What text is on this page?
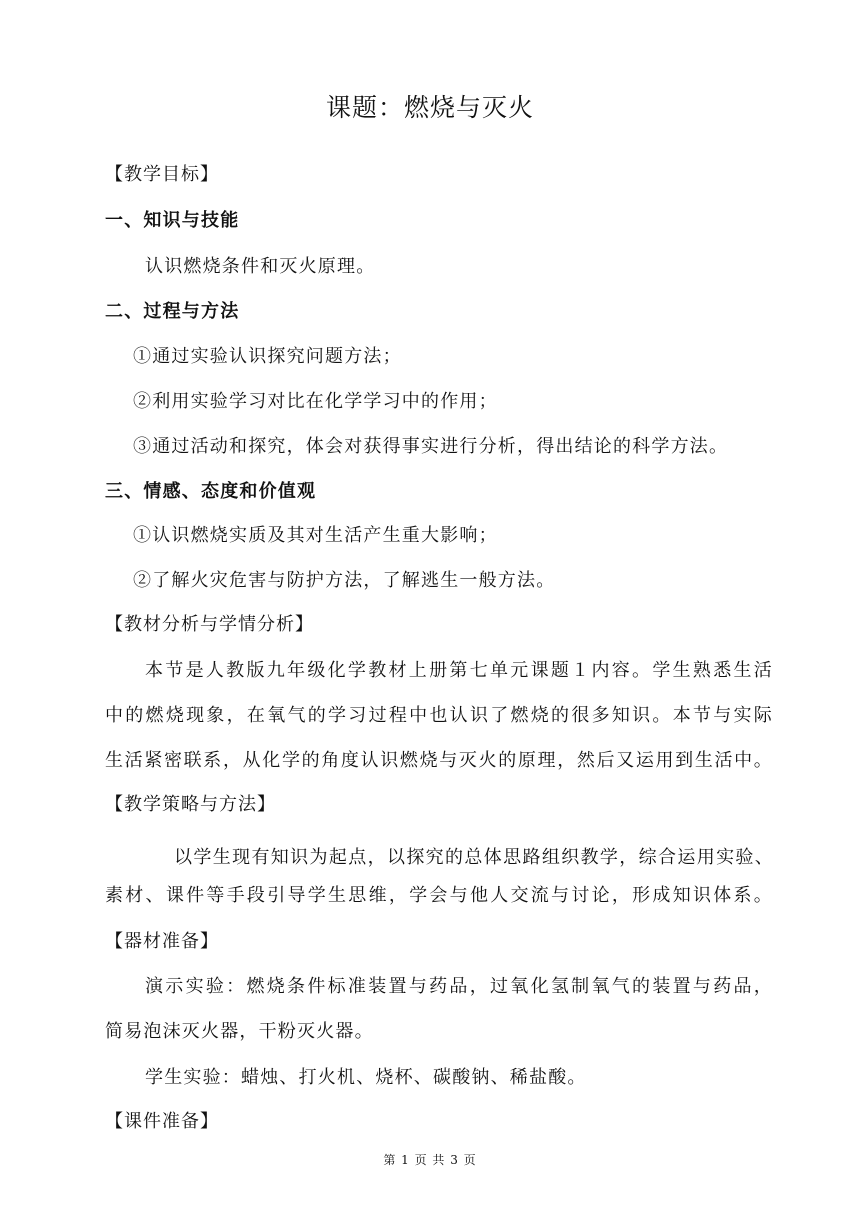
课题：燃烧与灭火
【教学目标】
一、知识与技能
认识燃烧条件和灭火原理。
二、过程与方法
①通过实验认识探究问题方法；
②利用实验学习对比在化学学习中的作用；
③通过活动和探究，体会对获得事实进行分析，得出结论的科学方法。
三、情感、态度和价值观
①认识燃烧实质及其对生活产生重大影响；
②了解火灾危害与防护方法，了解逃生一般方法。
【教材分析与学情分析】
本节是人教版九年级化学教材上册第七单元课题１内容。学生熟悉生活
中的燃烧现象，在氧气的学习过程中也认识了燃烧的很多知识。本节与实际
生活紧密联系，从化学的角度认识燃烧与灭火的原理，然后又运用到生活中。
【教学策略与方法】
以学生现有知识为起点，以探究的总体思路组织教学，综合运用实验、
素材、课件等手段引导学生思维，学会与他人交流与讨论，形成知识体系。
【器材准备】
演示实验：燃烧条件标准装置与药品，过氧化氢制氧气的装置与药品，
简易泡沫灭火器，干粉灭火器。
学生实验：蜡烛、打火机、烧杯、碳酸钠、稀盐酸。
【课件准备】
第 1 页 共 3 页
